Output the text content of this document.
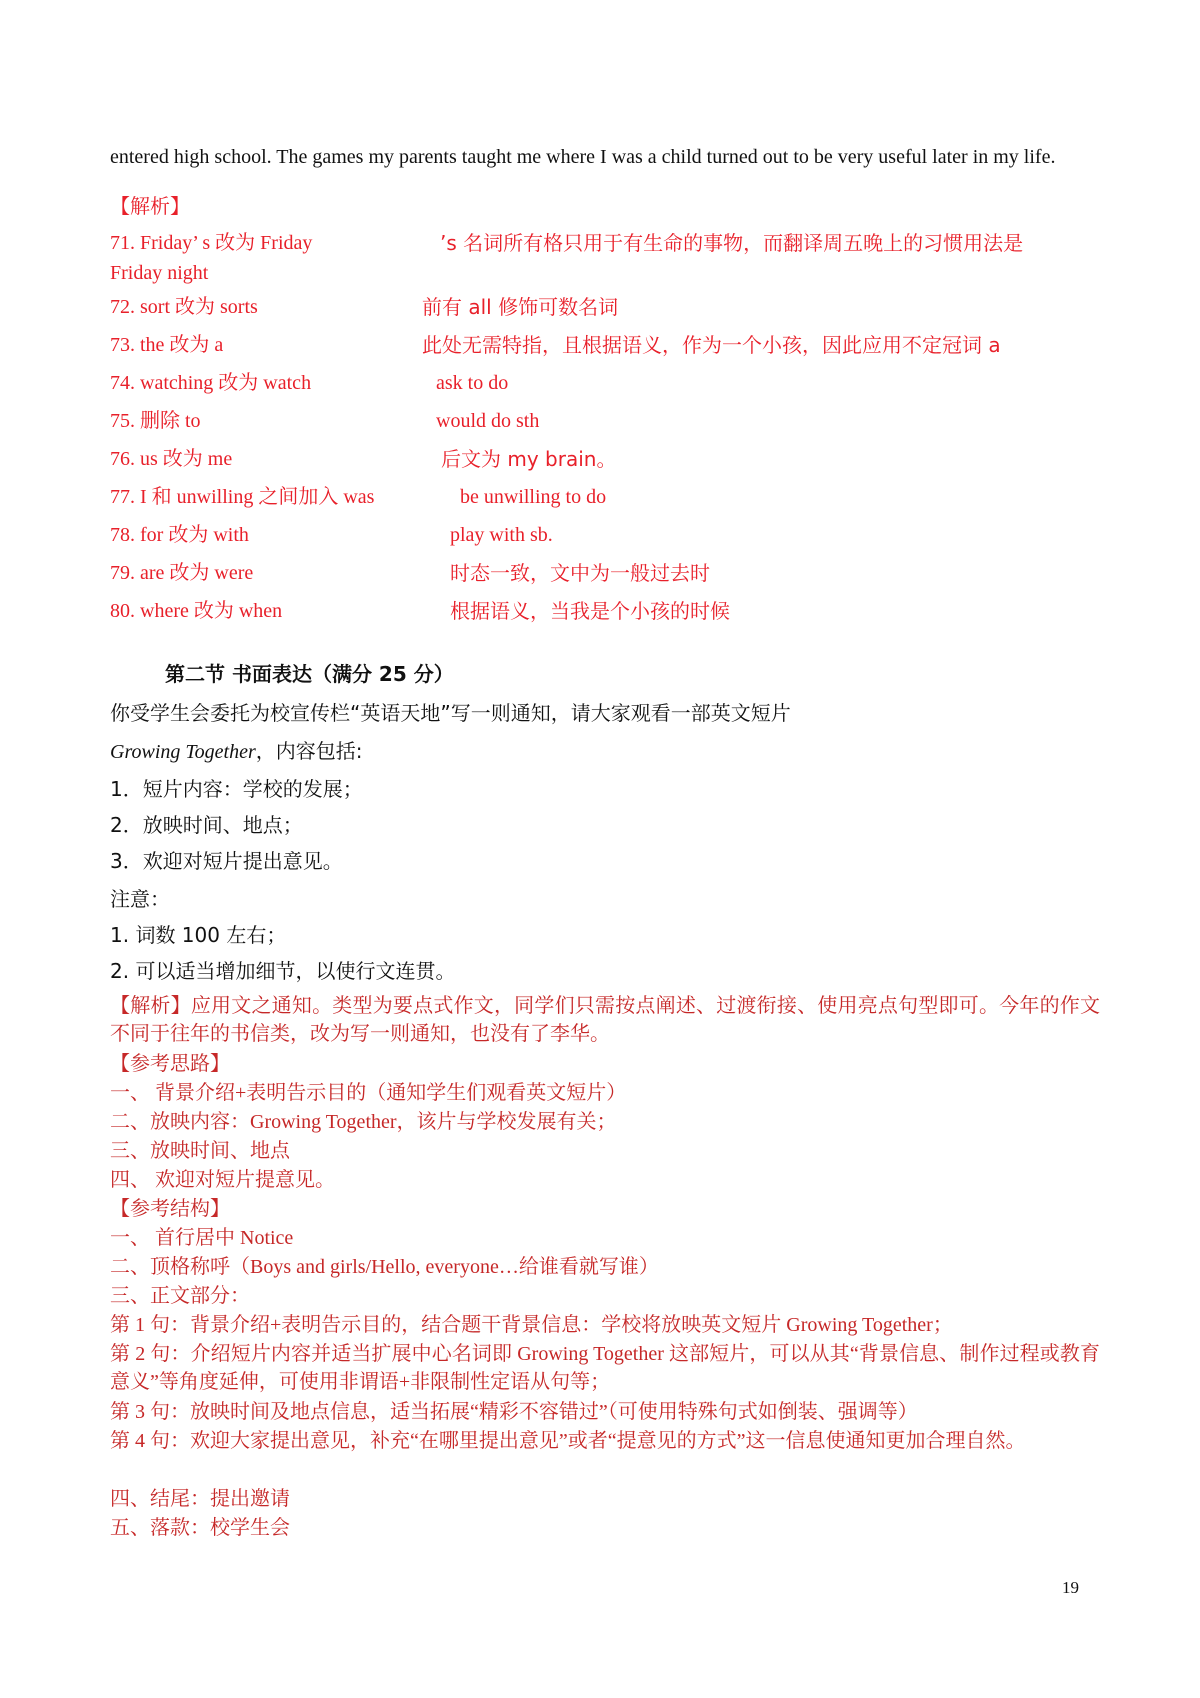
entered high school. The games my parents taught me where I was a child turned out to be very useful later in my life.
【解析】
71. Friday’ s 改为 Friday	’s 名词所有格只用于有生命的事物，而翻译周五晚上的习惯用法是
Friday night
72. sort 改为 sorts	前有 all 修饰可数名词
73. the 改为 a	此处无需特指，且根据语义，作为一个小孩，因此应用不定冠词 a
74. watching 改为 watch	ask to do
75. 删除 to	would do sth
76. us 改为 me	后文为 my brain。
77. I 和 unwilling 之间加入 was	be unwilling to do
78. for 改为 with	play with sb.
79. are 改为 were	时态一致，文中为一般过去时
80. where 改为 when	根据语义，当我是个小孩的时候
第二节 书面表达（满分 25 分）
你受学生会委托为校宣传栏“英语天地”写一则通知，请大家观看一部英文短片
Growing Together，内容包括:
1．短片内容：学校的发展；
2．放映时间、地点；
3．欢迎对短片提出意见。
注意：
1. 词数 100 左右；
2. 可以适当增加细节，以使行文连贯。
【解析】应用文之通知。类型为要点式作文，同学们只需按点阐述、过渡衔接、使用亮点句型即可。今年的作文不同于往年的书信类，改为写一则通知，也没有了李华。
【参考思路】
一、 背景介绍+表明告示目的（通知学生们观看英文短片）
二、放映内容：Growing Together，该片与学校发展有关；
三、放映时间、地点
四、 欢迎对短片提意见。
【参考结构】
一、 首行居中 Notice
二、顶格称呼（Boys and girls/Hello, everyone…给谁看就写谁）
三、正文部分：
第 1 句：背景介绍+表明告示目的，结合题干背景信息：学校将放映英文短片 Growing Together；
第 2 句：介绍短片内容并适当扩展中心名词即 Growing Together 这部短片，可以从其“背景信息、制作过程或教育意义”等角度延伸，可使用非谓语+非限制性定语从句等；
第 3 句：放映时间及地点信息，适当拓展“精彩不容错过”（可使用特殊句式如倒装、强调等）
第 4 句：欢迎大家提出意见，补充“在哪里提出意见”或者“提意见的方式”这一信息使通知更加合理自然。
四、结尾：提出邀请
五、落款：校学生会
19
